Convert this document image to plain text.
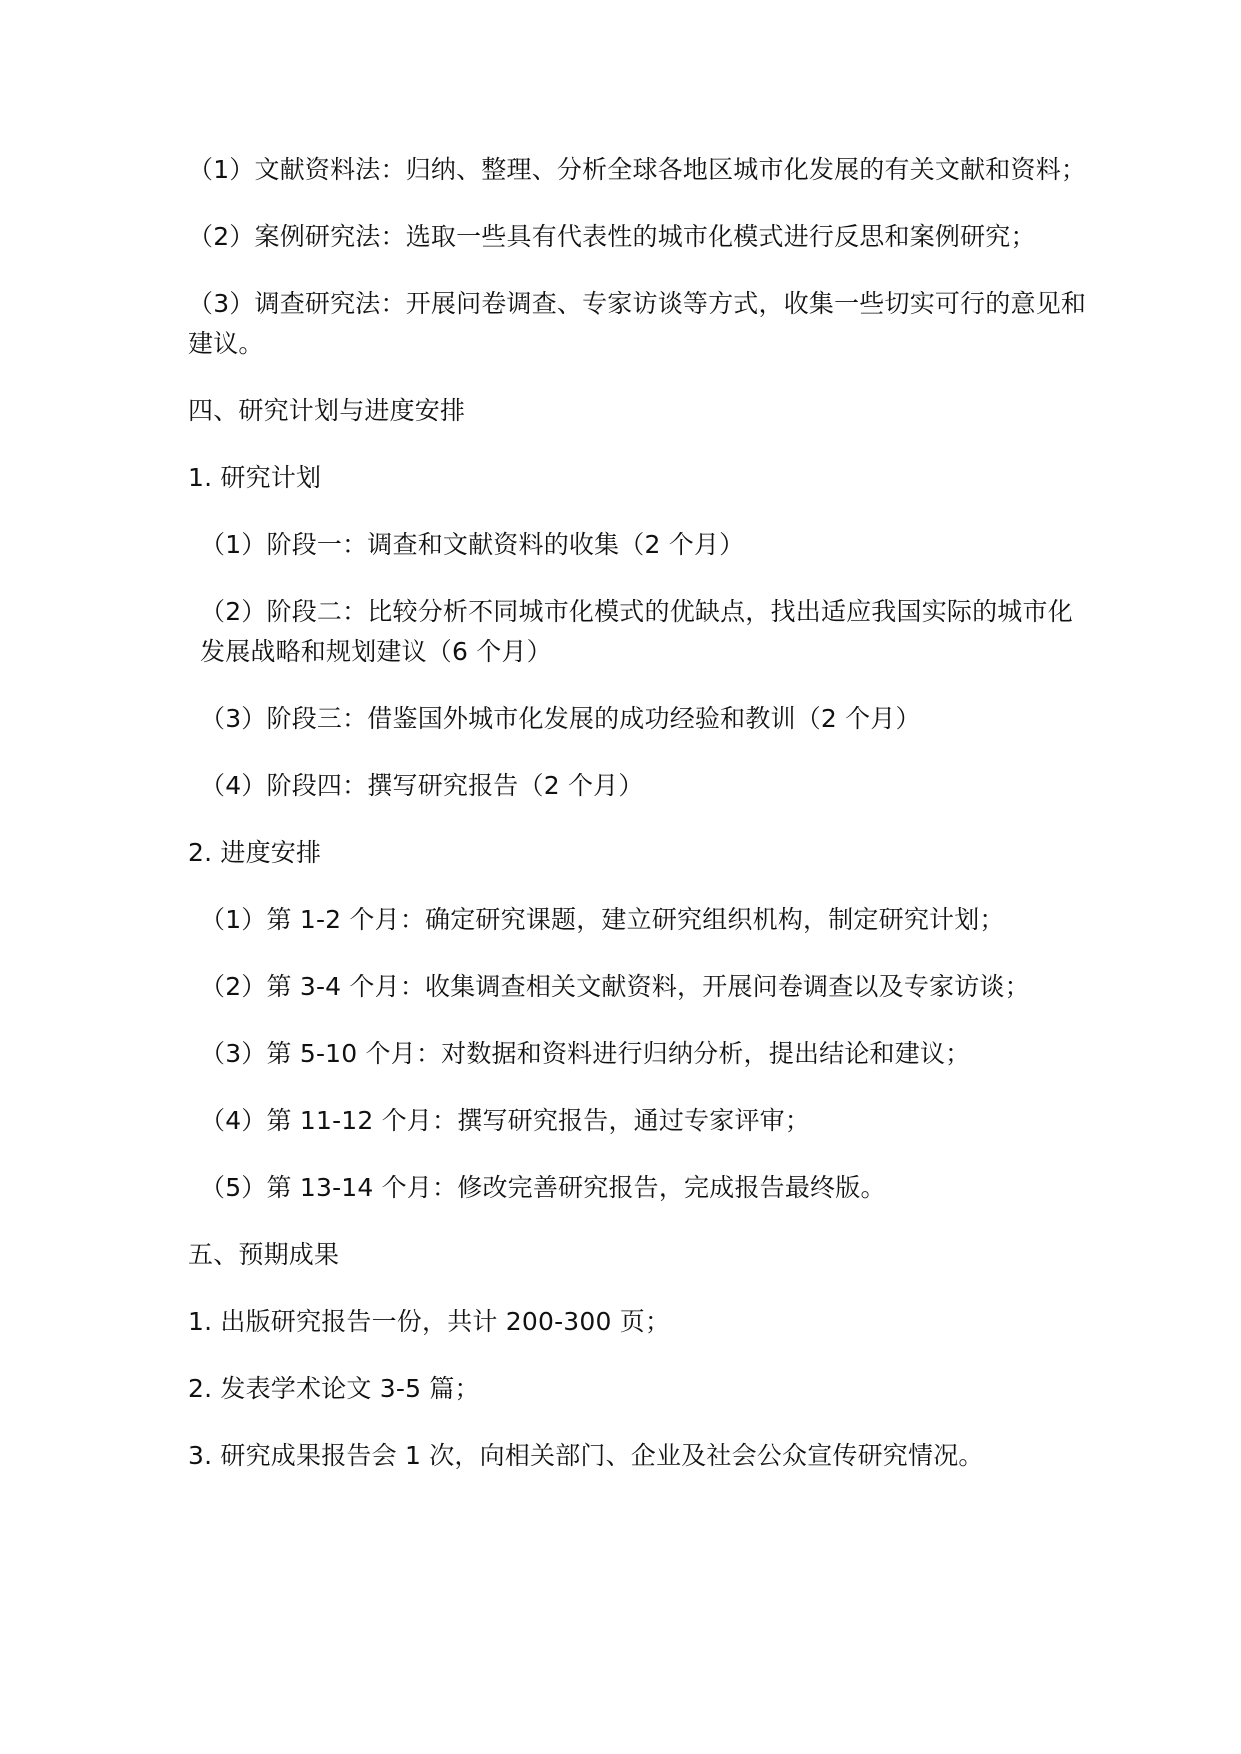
（1）文献资料法：归纳、整理、分析全球各地区城市化发展的有关文献和资料；

（2）案例研究法：选取一些具有代表性的城市化模式进行反思和案例研究；

（3）调查研究法：开展问卷调查、专家访谈等方式，收集一些切实可行的意见和建议。

四、研究计划与进度安排

1. 研究计划

（1）阶段一：调查和文献资料的收集（2 个月）

（2）阶段二：比较分析不同城市化模式的优缺点，找出适应我国实际的城市化发展战略和规划建议（6 个月）

（3）阶段三：借鉴国外城市化发展的成功经验和教训（2 个月）

（4）阶段四：撰写研究报告（2 个月）

2. 进度安排

（1）第 1-2 个月：确定研究课题，建立研究组织机构，制定研究计划；

（2）第 3-4 个月：收集调查相关文献资料，开展问卷调查以及专家访谈；

（3）第 5-10 个月：对数据和资料进行归纳分析，提出结论和建议；

（4）第 11-12 个月：撰写研究报告，通过专家评审；

（5）第 13-14 个月：修改完善研究报告，完成报告最终版。

五、预期成果

1. 出版研究报告一份，共计 200-300 页；

2. 发表学术论文 3-5 篇；

3. 研究成果报告会 1 次，向相关部门、企业及社会公众宣传研究情况。
